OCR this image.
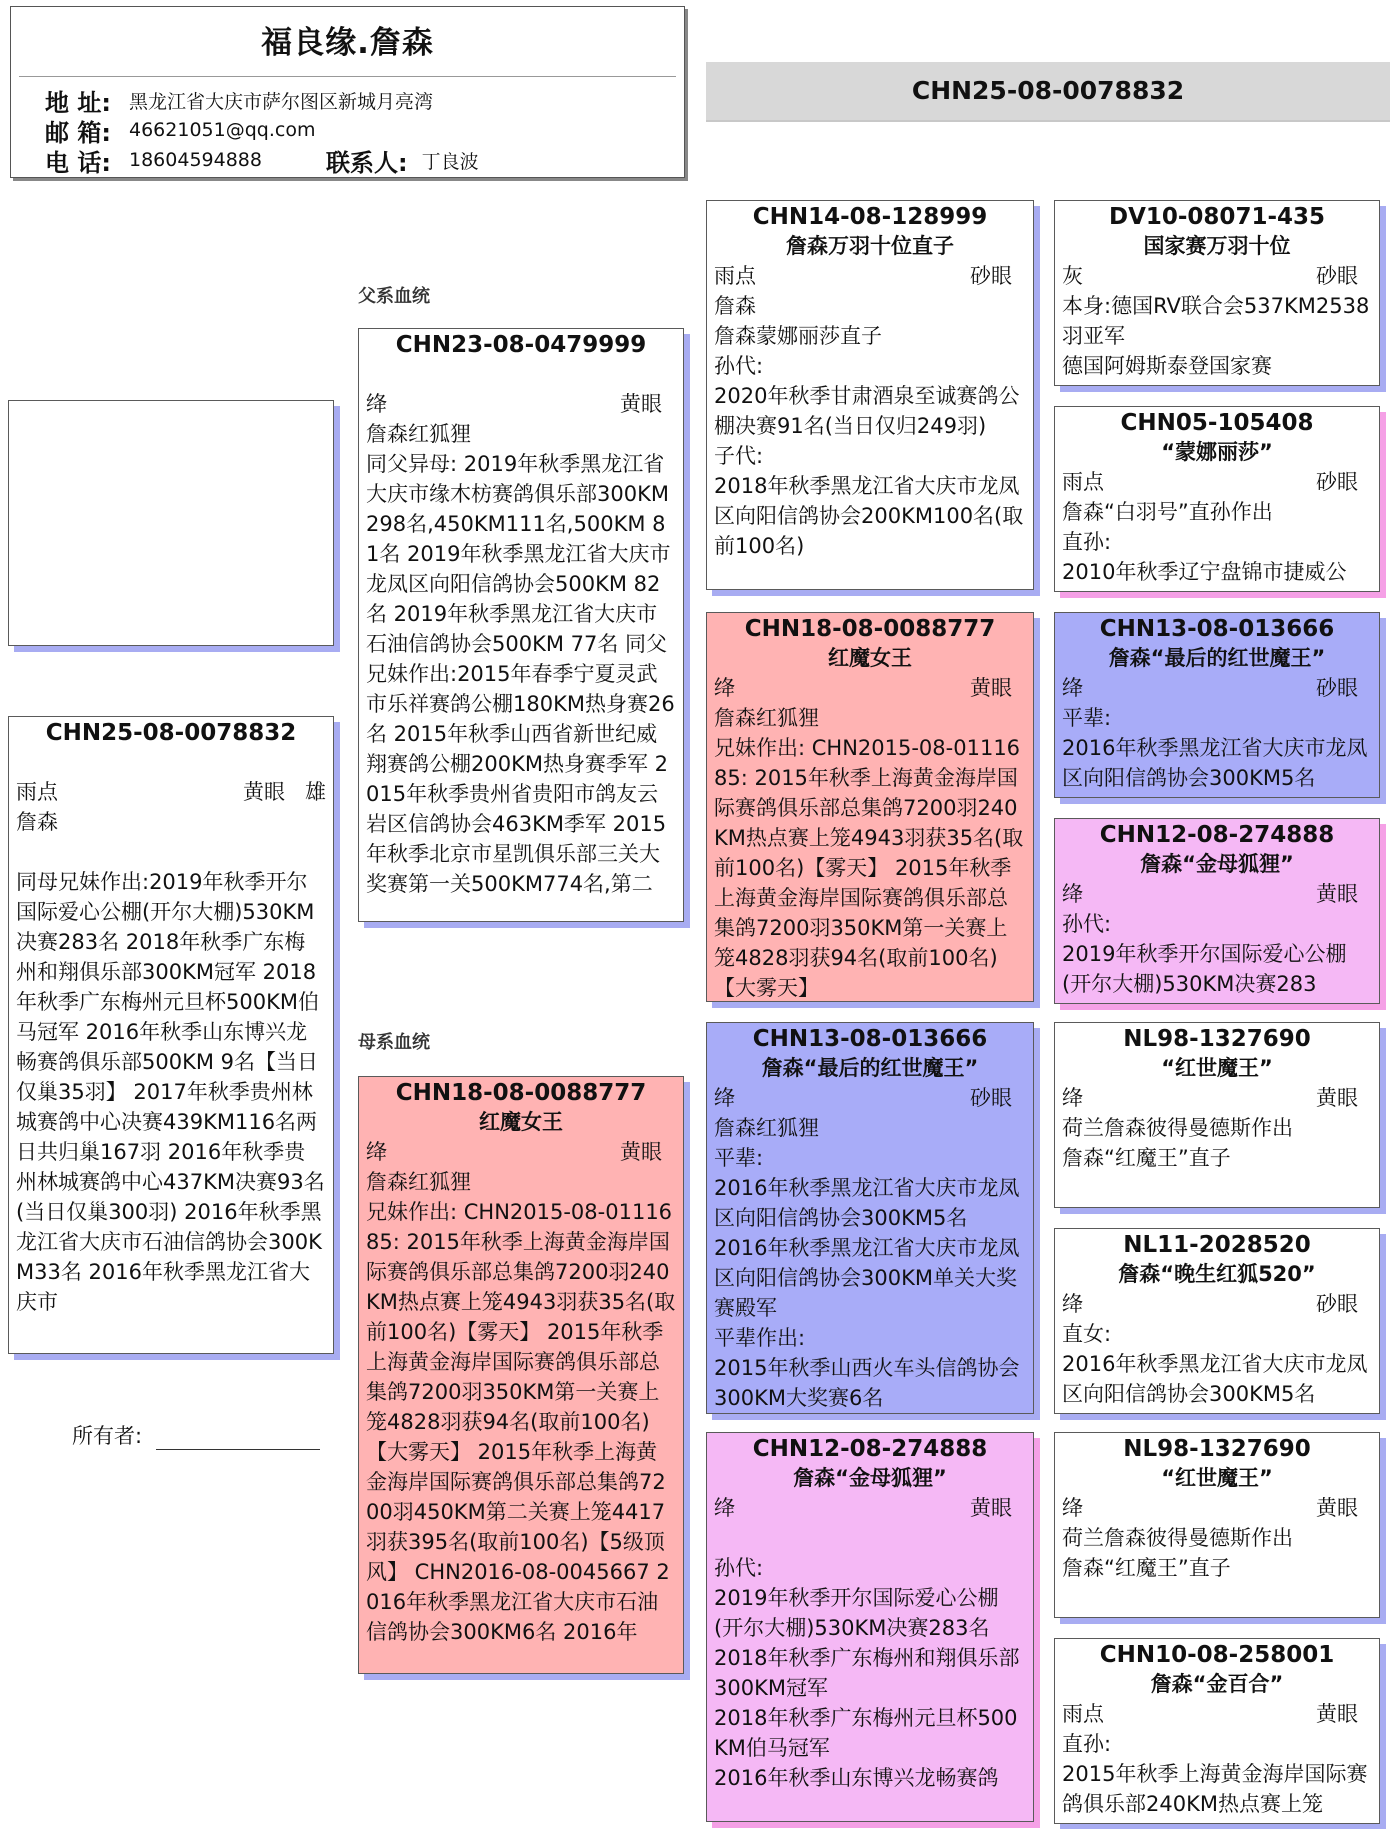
福良缘.詹森
地 址: 黑龙江省大庆市萨尔图区新城月亮湾
邮 箱: 46621051@qq.com
电 话: 18604594888	联系人: 丁良波
CHN25-08-0078832
父系血统
母系血统
CHN25-08-0078832
雨点	黄眼 雄
詹森
同母兄妹作出:2019年秋季开尔国际爱心公棚(开尔大棚)530KM决赛283名 2018年秋季广东梅州和翔俱乐部300KM冠军 2018年秋季广东梅州元旦杯500KM伯马冠军 2016年秋季山东博兴龙畅赛鸽俱乐部500KM 9名【当日仅巢35羽】 2017年秋季贵州林城赛鸽中心决赛439KM116名两日共归巢167羽 2016年秋季贵州林城赛鸽中心437KM决赛93名(当日仅巢300羽) 2016年秋季黑龙江省大庆市石油信鸽协会300KM33名 2016年秋季黑龙江省大庆市
CHN23-08-0479999
绛	黄眼
詹森红狐狸
同父异母: 2019年秋季黑龙江省大庆市缘木枋赛鸽俱乐部300KM298名,450KM111名,500KM 81名 2019年秋季黑龙江省大庆市龙凤区向阳信鸽协会500KM 82名 2019年秋季黑龙江省大庆市石油信鸽协会500KM 77名 同父兄妹作出:2015年春季宁夏灵武市乐祥赛鸽公棚180KM热身赛26名 2015年秋季山西省新世纪威翔赛鸽公棚200KM热身赛季军 2015年秋季贵州省贵阳市鸽友云岩区信鸽协会463KM季军 2015年秋季北京市星凯俱乐部三关大奖赛第一关500KM774名,第二
CHN18-08-0088777
红魔女王
绛	黄眼
詹森红狐狸
兄妹作出: CHN2015-08-0111685: 2015年秋季上海黄金海岸国际赛鸽俱乐部总集鸽7200羽240KM热点赛上笼4943羽获35名(取前100名)【雾天】 2015年秋季上海黄金海岸国际赛鸽俱乐部总集鸽7200羽350KM第一关赛上笼4828羽获94名(取前100名)【大雾天】 2015年秋季上海黄金海岸国际赛鸽俱乐部总集鸽7200羽450KM第二关赛上笼4417羽获395名(取前100名)【5级顶风】 CHN2016-08-0045667 2016年秋季黑龙江省大庆市石油信鸽协会300KM6名 2016年
所有者:
CHN14-08-128999
詹森万羽十位直子
雨点	砂眼
詹森
詹森蒙娜丽莎直子
孙代:
2020年秋季甘肃酒泉至诚赛鸽公棚决赛91名(当日仅归249羽)
子代:
2018年秋季黑龙江省大庆市龙凤区向阳信鸽协会200KM100名(取前100名)
CHN18-08-0088777
红魔女王
绛	黄眼
詹森红狐狸
兄妹作出: CHN2015-08-0111685: 2015年秋季上海黄金海岸国际赛鸽俱乐部总集鸽7200羽240KM热点赛上笼4943羽获35名(取前100名)【雾天】 2015年秋季上海黄金海岸国际赛鸽俱乐部总集鸽7200羽350KM第一关赛上笼4828羽获94名(取前100名)【大雾天】
CHN13-08-013666
詹森“最后的红世魔王”
绛	砂眼
詹森红狐狸
平辈:
2016年秋季黑龙江省大庆市龙凤区向阳信鸽协会300KM5名
2016年秋季黑龙江省大庆市龙凤区向阳信鸽协会300KM单关大奖赛殿军
平辈作出:
2015年秋季山西火车头信鸽协会300KM大奖赛6名
CHN12-08-274888
詹森“金母狐狸”
绛	黄眼
孙代:
2019年秋季开尔国际爱心公棚(开尔大棚)530KM决赛283名
2018年秋季广东梅州和翔俱乐部300KM冠军
2018年秋季广东梅州元旦杯500KM伯马冠军
2016年秋季山东博兴龙畅赛鸽
DV10-08071-435
国家赛万羽十位
灰	砂眼
本身:德国RV联合会537KM2538羽亚军
德国阿姆斯泰登国家赛
CHN05-105408
“蒙娜丽莎”
雨点	砂眼
詹森“白羽号”直孙作出
直孙:
2010年秋季辽宁盘锦市捷威公
CHN13-08-013666
詹森“最后的红世魔王”
绛	砂眼
平辈:
2016年秋季黑龙江省大庆市龙凤区向阳信鸽协会300KM5名
CHN12-08-274888
詹森“金母狐狸”
绛	黄眼
孙代:
2019年秋季开尔国际爱心公棚(开尔大棚)530KM决赛283
NL98-1327690
“红世魔王”
绛	黄眼
荷兰詹森彼得曼德斯作出
詹森“红魔王”直子
NL11-2028520
詹森“晚生红狐520”
绛	砂眼
直女:
2016年秋季黑龙江省大庆市龙凤区向阳信鸽协会300KM5名
NL98-1327690
“红世魔王”
绛	黄眼
荷兰詹森彼得曼德斯作出
詹森“红魔王”直子
CHN10-08-258001
詹森“金百合”
雨点	黄眼
直孙:
2015年秋季上海黄金海岸国际赛鸽俱乐部240KM热点赛上笼
